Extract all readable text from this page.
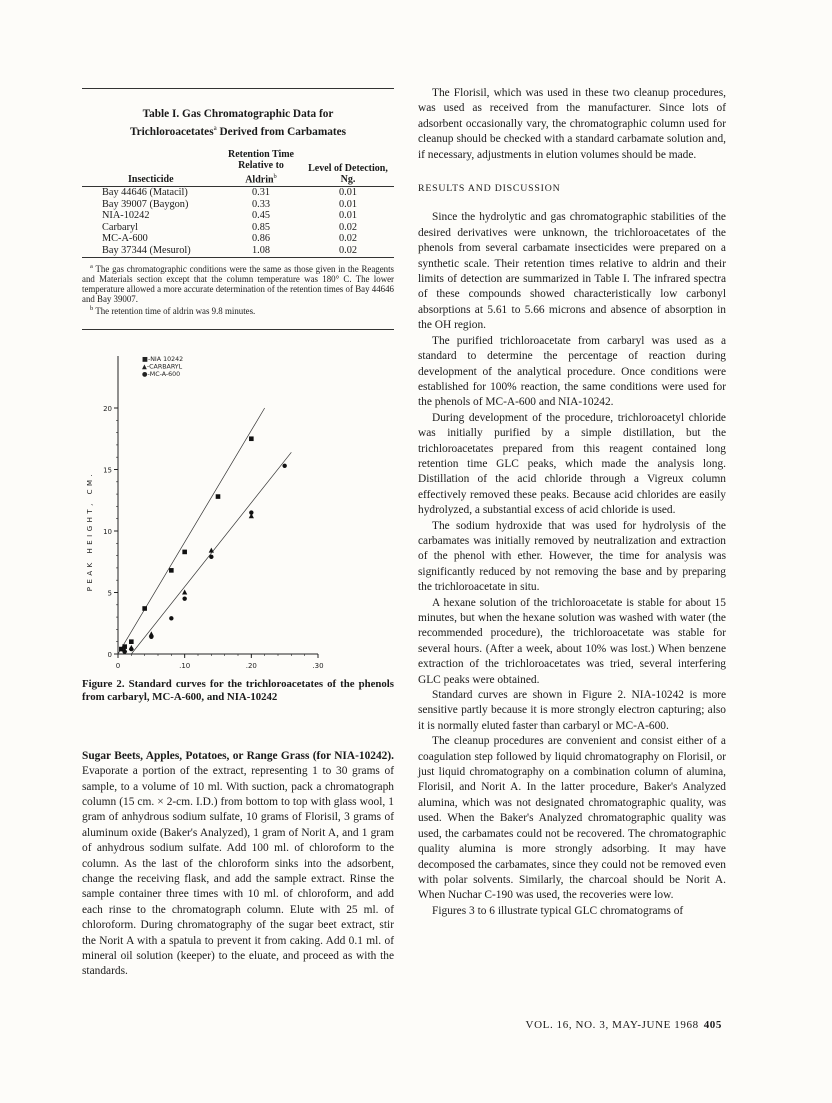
Table I. Gas Chromatographic Data for
Trichloroacetates$^a$ Derived from Carbamates
Insecticide	Retention Time Relative to Aldrin$^b$	Level of Detection, Ng.
Bay 44646 (Matacil)	0.31	0.01
Bay 39007 (Baygon)	0.33	0.01
NIA-10242	0.45	0.01
Carbaryl	0.85	0.02
MC-A-600	0.86	0.02
Bay 37344 (Mesurol)	1.08	0.02

$^a$ The gas chromatographic conditions were the same as those given in the Reagents and Materials section except that the column temperature was 180° C. The lower temperature allowed a more accurate determination of the retention times of Bay 44646 and Bay 39007.

$^b$ The retention time of aldrin was 9.8 minutes.

0
5
10
15
20
0	.10	.20	.30
PEAK HEIGHT, CM.
■-NIA 10242
▲-CARBARYL
●-MC-A-600
Figure 2. Standard curves for the trichloroacetates of the phenols from carbaryl, MC-A-600, and NIA-10242

Sugar Beets, Apples, Potatoes, or Range Grass (for NIA-10242). Evaporate a portion of the extract, representing 1 to 30 grams of sample, to a volume of 10 ml. With suction, pack a chromatograph column (15 cm. × 2-cm. I.D.) from bottom to top with glass wool, 1 gram of anhydrous sodium sulfate, 10 grams of Florisil, 3 grams of aluminum oxide (Baker's Analyzed), 1 gram of Norit A, and 1 gram of anhydrous sodium sulfate. Add 100 ml. of chloroform to the column. As the last of the chloroform sinks into the adsorbent, change the receiving flask, and add the sample extract. Rinse the sample container three times with 10 ml. of chloroform, and add each rinse to the chromatograph column. Elute with 25 ml. of chloroform. During chromatography of the sugar beet extract, stir the Norit A with a spatula to prevent it from caking. Add 0.1 ml. of mineral oil solution (keeper) to the eluate, and proceed as with the standards.

The Florisil, which was used in these two cleanup procedures, was used as received from the manufacturer. Since lots of adsorbent occasionally vary, the chromatographic column used for cleanup should be checked with a standard carbamate solution and, if necessary, adjustments in elution volumes should be made.

RESULTS AND DISCUSSION

Since the hydrolytic and gas chromatographic stabilities of the desired derivatives were unknown, the trichloroacetates of the phenols from several carbamate insecticides were prepared on a synthetic scale. Their retention times relative to aldrin and their limits of detection are summarized in Table I. The infrared spectra of these compounds showed characteristically low carbonyl absorptions at 5.61 to 5.66 microns and absence of absorption in the OH region.

The purified trichloroacetate from carbaryl was used as a standard to determine the percentage of reaction during development of the analytical procedure. Once conditions were established for 100% reaction, the same conditions were used for the phenols of MC-A-600 and NIA-10242.

During development of the procedure, trichloroacetyl chloride was initially purified by a simple distillation, but the trichloroacetates prepared from this reagent contained long retention time GLC peaks, which made the analysis long. Distillation of the acid chloride through a Vigreux column effectively removed these peaks. Because acid chlorides are easily hydrolyzed, a substantial excess of acid chloride is used.

The sodium hydroxide that was used for hydrolysis of the carbamates was initially removed by neutralization and extraction of the phenol with ether. However, the time for analysis was significantly reduced by not removing the base and by preparing the trichloroacetate in situ.

A hexane solution of the trichloroacetate is stable for about 15 minutes, but when the hexane solution was washed with water (the recommended procedure), the trichloroacetate was stable for several hours. (After a week, about 10% was lost.) When benzene extraction of the trichloroacetates was tried, several interfering GLC peaks were obtained.

Standard curves are shown in Figure 2. NIA-10242 is more sensitive partly because it is more strongly electron capturing; also it is normally eluted faster than carbaryl or MC-A-600.

The cleanup procedures are convenient and consist either of a coagulation step followed by liquid chromatography on Florisil, or just liquid chromatography on a combination column of alumina, Florisil, and Norit A. In the latter procedure, Baker's Analyzed alumina, which was not designated chromatographic quality, was used. When the Baker's Analyzed chromatographic quality was used, the carbamates could not be recovered. The chromatographic quality alumina is more strongly adsorbing. It may have decomposed the carbamates, since they could not be removed even with polar solvents. Similarly, the charcoal should be Norit A. When Nuchar C-190 was used, the recoveries were low.

Figures 3 to 6 illustrate typical GLC chromatograms of

VOL. 16, NO. 3, MAY-JUNE 1968 405
